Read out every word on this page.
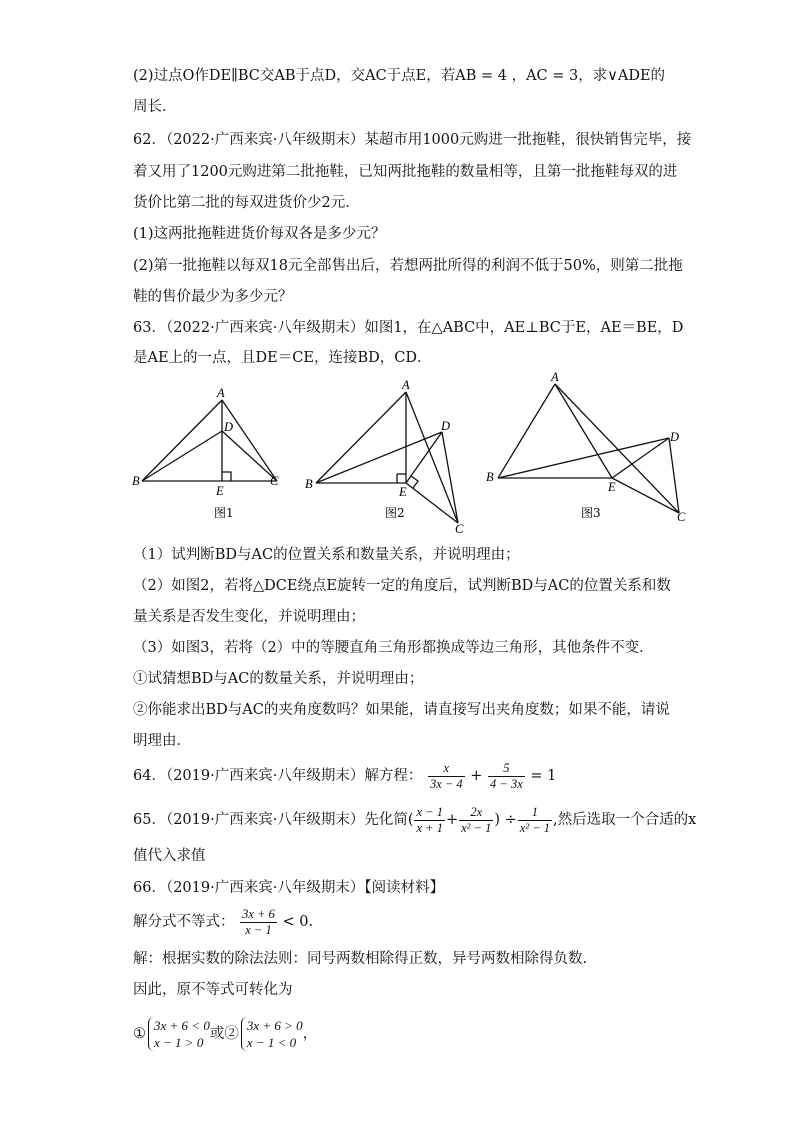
(2)过点O作DE∥BC交AB于点D，交AC于点E，若AB = 4 ，AC = 3，求∨ADE的
周长．
62．（2022·广西来宾·八年级期末）某超市用1000元购进一批拖鞋，很快销售完毕，接
着又用了1200元购进第二批拖鞋，已知两批拖鞋的数量相等，且第一批拖鞋每双的进
货价比第二批的每双进货价少2元．
(1)这两批拖鞋进货价每双各是多少元？
(2)第一批拖鞋以每双18元全部售出后，若想两批所得的利润不低于50%，则第二批拖
鞋的售价最少为多少元？
63．（2022·广西来宾·八年级期末）如图1，在△ABC中，AE⊥BC于E，AE＝BE，D
是AE上的一点，且DE＝CE，连接BD，CD．
A
B	C
D
E
图1
A
B
C
D
E
图2
A
B
C
D
E
图3
（1）试判断BD与AC的位置关系和数量关系，并说明理由；
（2）如图2，若将△DCE绕点E旋转一定的角度后，试判断BD与AC的位置关系和数
量关系是否发生变化，并说明理由；
（3）如图3，若将（2）中的等腰直角三角形都换成等边三角形，其他条件不变．
①试猜想BD与AC的数量关系，并说明理由；
②你能求出BD与AC的夹角度数吗？如果能，请直接写出夹角度数；如果不能，请说
明理由．
64．（2019·广西来宾·八年级期末）解方程： $\frac{x}{3x - 4} + \frac{5}{4 - 3x} = 1$
65．（2019·广西来宾·八年级期末）先化简( $\frac{x - 1}{x + 1} + \frac{2x}{\text{x² − 1}}$ ) ÷ $\frac{1}{\text{x² − 1}}$ ,然后选取一个合适的x
值代入求值
66．（2019·广西来宾·八年级期末）【阅读材料】
解分式不等式： $\frac{3x + 6}{x - 1} < 0$.
解：根据实数的除法法则：同号两数相除得正数，异号两数相除得负数.
因此，原不等式可转化为
①
3x + 6 < 0
x − 1 > 0
或②
3x + 6 > 0
x − 1 < 0
，
